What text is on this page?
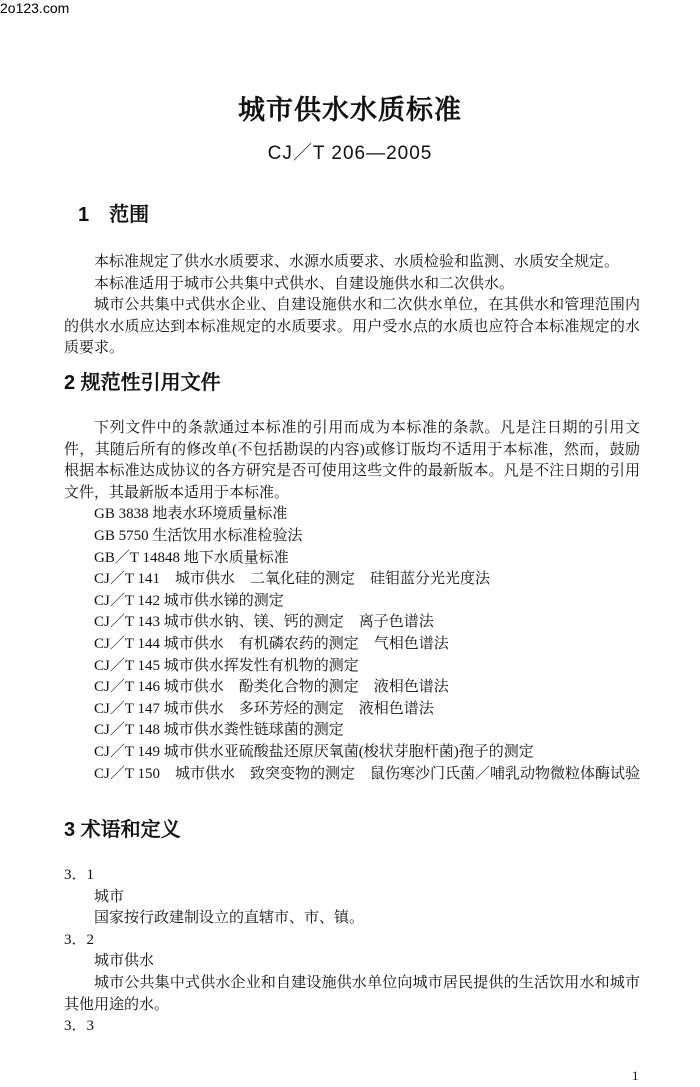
2o123.com
城市供水水质标准
CJ／T 206—2005
1　范围

本标准规定了供水水质要求、水源水质要求、水质检验和监测、水质安全规定。

本标准适用于城市公共集中式供水、自建设施供水和二次供水。

城市公共集中式供水企业、自建设施供水和二次供水单位，在其供水和管理范围内的供水水质应达到本标准规定的水质要求。用户受水点的水质也应符合本标准规定的水质要求。

2 规范性引用文件

下列文件中的条款通过本标准的引用而成为本标准的条款。凡是注日期的引用文件，其随后所有的修改单(不包括勘误的内容)或修订版均不适用于本标准，然而，鼓励根据本标准达成协议的各方研究是否可使用这些文件的最新版本。凡是不注日期的引用文件，其最新版本适用于本标准。

GB 3838 地表水环境质量标准
GB 5750 生活饮用水标准检验法
GB／T 14848 地下水质量标准
CJ／T 141　城市供水　二氧化硅的测定　硅钼蓝分光光度法
CJ／T 142 城市供水锑的测定
CJ／T 143 城市供水钠、镁、钙的测定　离子色谱法
CJ／T 144 城市供水　有机磷农药的测定　气相色谱法
CJ／T 145 城市供水挥发性有机物的测定
CJ／T 146 城市供水　酚类化合物的测定　液相色谱法
CJ／T 147 城市供水　多环芳烃的测定　液相色谱法
CJ／T 148 城市供水粪性链球菌的测定
CJ／T 149 城市供水亚硫酸盐还原厌氧菌(梭状芽胞杆菌)孢子的测定
CJ／T 150　城市供水　致突变物的测定　鼠伤寒沙门氏菌／哺乳动物微粒体酶试验
3 术语和定义
3．1
城市

国家按行政建制设立的直辖市、市、镇。

3．2
城市供水

城市公共集中式供水企业和自建设施供水单位向城市居民提供的生活饮用水和城市其他用途的水。

3．3
1
